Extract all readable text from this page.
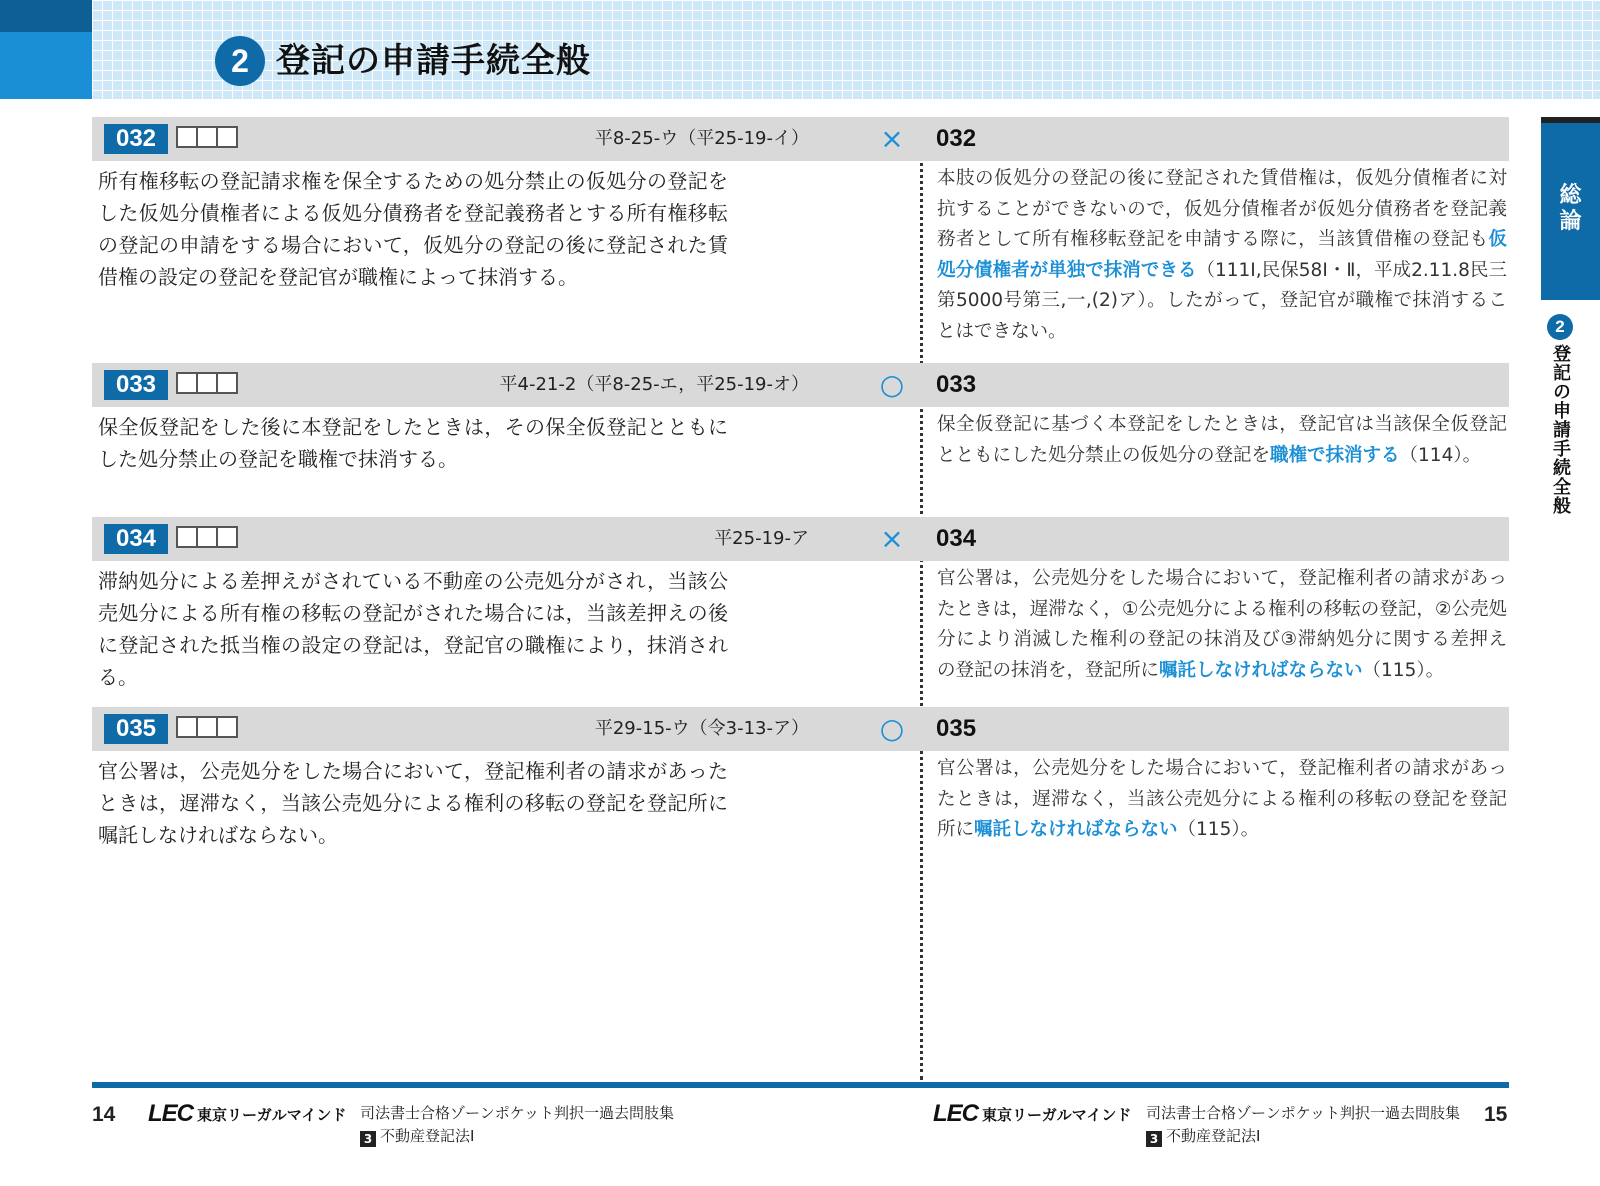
2 登記の申請手続全般
総
論
2
登記の申請手続全般
032	平8-25-ウ（平25-19-イ）	× 032
所有権移転の登記請求権を保全するための処分禁止の仮処分の登記をした仮処分債権者による仮処分債務者を登記義務者とする所有権移転の登記の申請をする場合において，仮処分の登記の後に登記された賃借権の設定の登記を登記官が職権によって抹消する。
本肢の仮処分の登記の後に登記された賃借権は，仮処分債権者に対抗することができないので，仮処分債権者が仮処分債務者を登記義務者として所有権移転登記を申請する際に，当該賃借権の登記も仮処分債権者が単独で抹消できる（111Ⅰ,民保58Ⅰ・Ⅱ，平成2.11.8民三第5000号第三,一,(2)ア）。したがって，登記官が職権で抹消することはできない。
033	平4-21-2（平8-25-エ，平25-19-オ）	○ 033
保全仮登記をした後に本登記をしたときは，その保全仮登記とともにした処分禁止の登記を職権で抹消する。
保全仮登記に基づく本登記をしたときは，登記官は当該保全仮登記とともにした処分禁止の仮処分の登記を職権で抹消する（114）。
034	平25-19-ア	× 034
滞納処分による差押えがされている不動産の公売処分がされ，当該公売処分による所有権の移転の登記がされた場合には，当該差押えの後に登記された抵当権の設定の登記は，登記官の職権により，抹消される。
官公署は，公売処分をした場合において，登記権利者の請求があったときは，遅滞なく，①公売処分による権利の移転の登記，②公売処分により消滅した権利の登記の抹消及び③滞納処分に関する差押えの登記の抹消を，登記所に嘱託しなければならない（115）。
035	平29-15-ウ（令3-13-ア）	○ 035
官公署は，公売処分をした場合において，登記権利者の請求があったときは，遅滞なく，当該公売処分による権利の移転の登記を登記所に嘱託しなければならない。
官公署は，公売処分をした場合において，登記権利者の請求があったときは，遅滞なく，当該公売処分による権利の移転の登記を登記所に嘱託しなければならない（115）。
14 LEC 東京リーガルマインド 司法書士合格ゾーンポケット判択一過去問肢集
3 不動産登記法Ⅰ
LEC 東京リーガルマインド 司法書士合格ゾーンポケット判択一過去問肢集
3 不動産登記法Ⅰ
15
